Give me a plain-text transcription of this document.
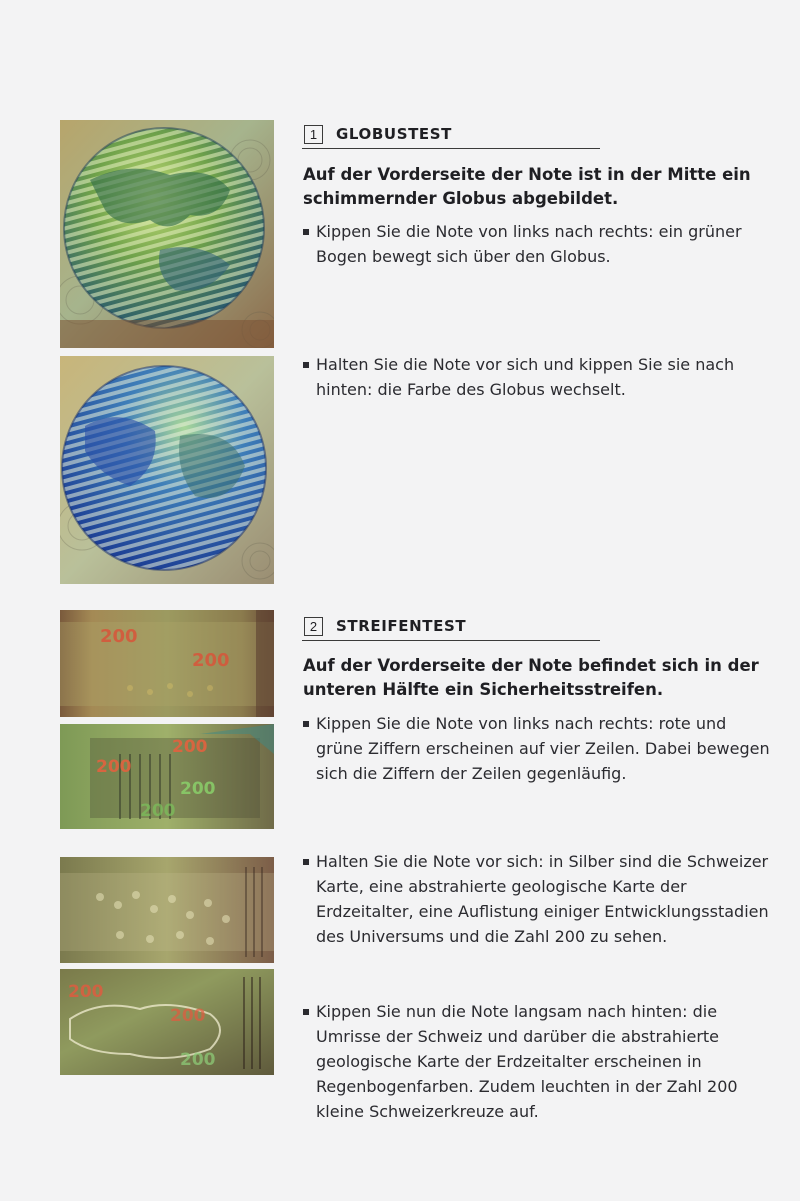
200
200
200
200
200
200
200
200
200
1	GLOBUSTEST

Auf der Vorderseite der Note ist in der Mitte ein schimmernder Globus abgebildet.

Kippen Sie die Note von links nach rechts: ein grüner Bogen bewegt sich über den Globus.

Halten Sie die Note vor sich und kippen Sie sie nach hinten: die Farbe des Globus wechselt.

2	STREIFENTEST

Auf der Vorderseite der Note befindet sich in der unteren Hälfte ein Sicherheitsstreifen.

Kippen Sie die Note von links nach rechts: rote und grüne Ziffern erscheinen auf vier Zeilen. Dabei bewegen sich die Ziffern der Zeilen gegenläufig.

Halten Sie die Note vor sich: in Silber sind die Schweizer Karte, eine abstrahierte geologische Karte der Erdzeitalter, eine Auflistung einiger Entwicklungsstadien des Universums und die Zahl 200 zu sehen.

Kippen Sie nun die Note langsam nach hinten: die Umrisse der Schweiz und darüber die abstrahierte geologische Karte der Erdzeitalter erscheinen in Regenbogenfarben. Zudem leuchten in der Zahl 200 kleine Schweizerkreuze auf.
